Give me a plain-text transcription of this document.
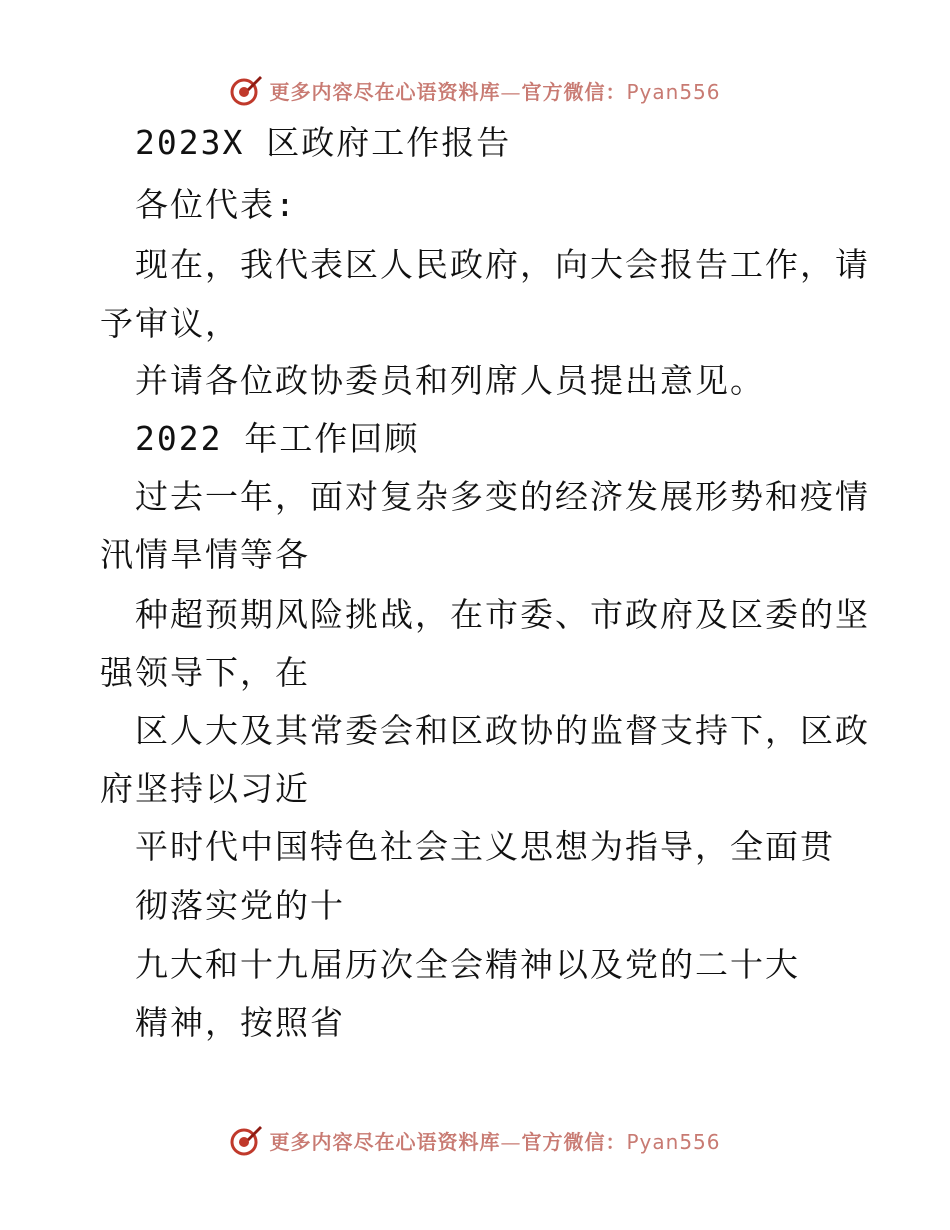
更多内容尽在心语资料库—官方微信：Pyan556
2023X 区政府工作报告
各位代表:
现在，我代表区人民政府，向大会报告工作，请
予审议，
并请各位政协委员和列席人员提出意见。
2022 年工作回顾
过去一年，面对复杂多变的经济发展形势和疫情
汛情旱情等各
种超预期风险挑战，在市委、市政府及区委的坚
强领导下，在
区人大及其常委会和区政协的监督支持下，区政
府坚持以习近
平时代中国特色社会主义思想为指导，全面贯
彻落实党的十
九大和十九届历次全会精神以及党的二十大
精神，按照省
更多内容尽在心语资料库—官方微信：Pyan556
